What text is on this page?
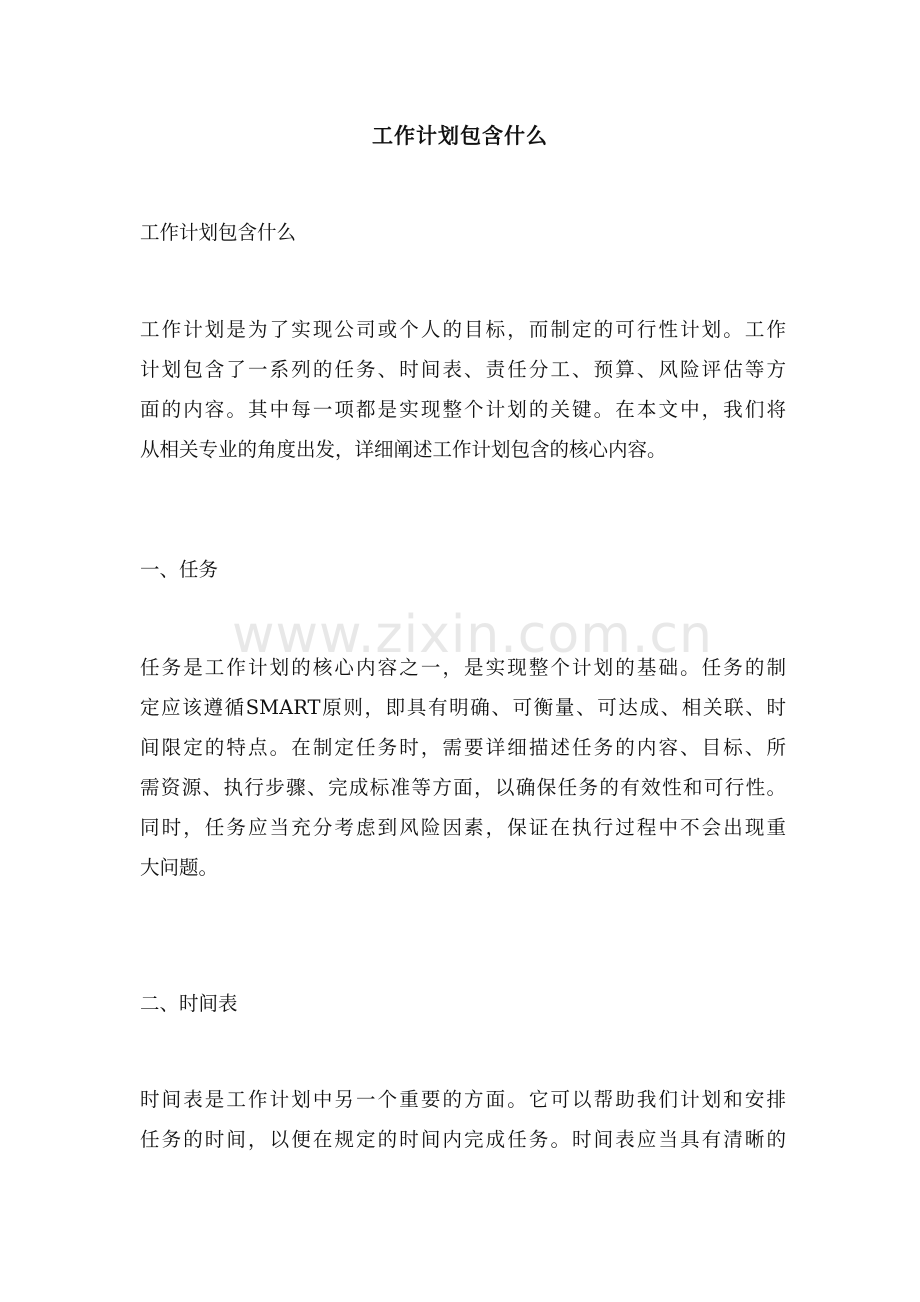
www.zixin.com.cn
工作计划包含什么
工作计划包含什么
工作计划是为了实现公司或个人的目标，而制定的可行性计划。工作
计划包含了一系列的任务、时间表、责任分工、预算、风险评估等方
面的内容。其中每一项都是实现整个计划的关键。在本文中，我们将
从相关专业的角度出发，详细阐述工作计划包含的核心内容。
一、任务
任务是工作计划的核心内容之一，是实现整个计划的基础。任务的制
定应该遵循SMART原则，即具有明确、可衡量、可达成、相关联、时
间限定的特点。在制定任务时，需要详细描述任务的内容、目标、所
需资源、执行步骤、完成标准等方面，以确保任务的有效性和可行性。
同时，任务应当充分考虑到风险因素，保证在执行过程中不会出现重
大问题。
二、时间表
时间表是工作计划中另一个重要的方面。它可以帮助我们计划和安排
任务的时间，以便在规定的时间内完成任务。时间表应当具有清晰的
